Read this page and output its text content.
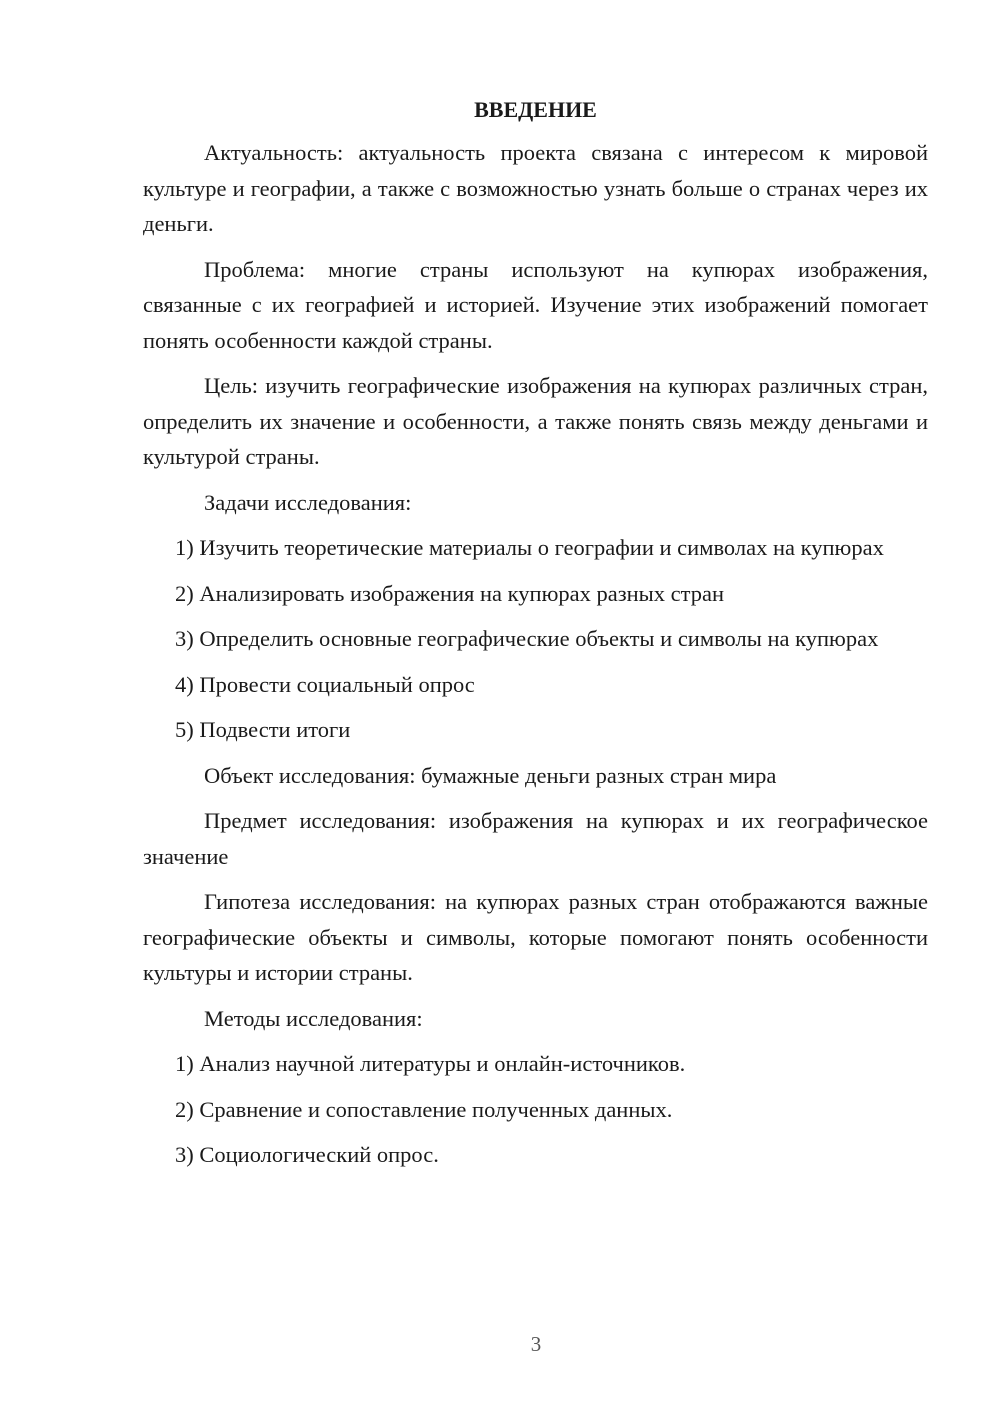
ВВЕДЕНИЕ

Актуальность: актуальность проекта связана с интересом к мировой культуре и географии, а также с возможностью узнать больше о странах через их деньги.

Проблема: многие страны используют на купюрах изображения, связанные с их географией и историей. Изучение этих изображений помогает понять особенности каждой страны.

Цель: изучить географические изображения на купюрах различных стран, определить их значение и особенности, а также понять связь между деньгами и культурой страны.

Задачи исследования:

1) Изучить теоретические материалы о географии и символах на купюрах

2) Анализировать изображения на купюрах разных стран

3) Определить основные географические объекты и символы на купюрах

4) Провести социальный опрос

5) Подвести итоги

Объект исследования: бумажные деньги разных стран мира

Предмет исследования: изображения на купюрах и их географическое значение

Гипотеза исследования: на купюрах разных стран отображаются важные географические объекты и символы, которые помогают понять особенности культуры и истории страны.

Методы исследования:

1) Анализ научной литературы и онлайн-источников.

2) Сравнение и сопоставление полученных данных.

3) Социологический опрос.

3
